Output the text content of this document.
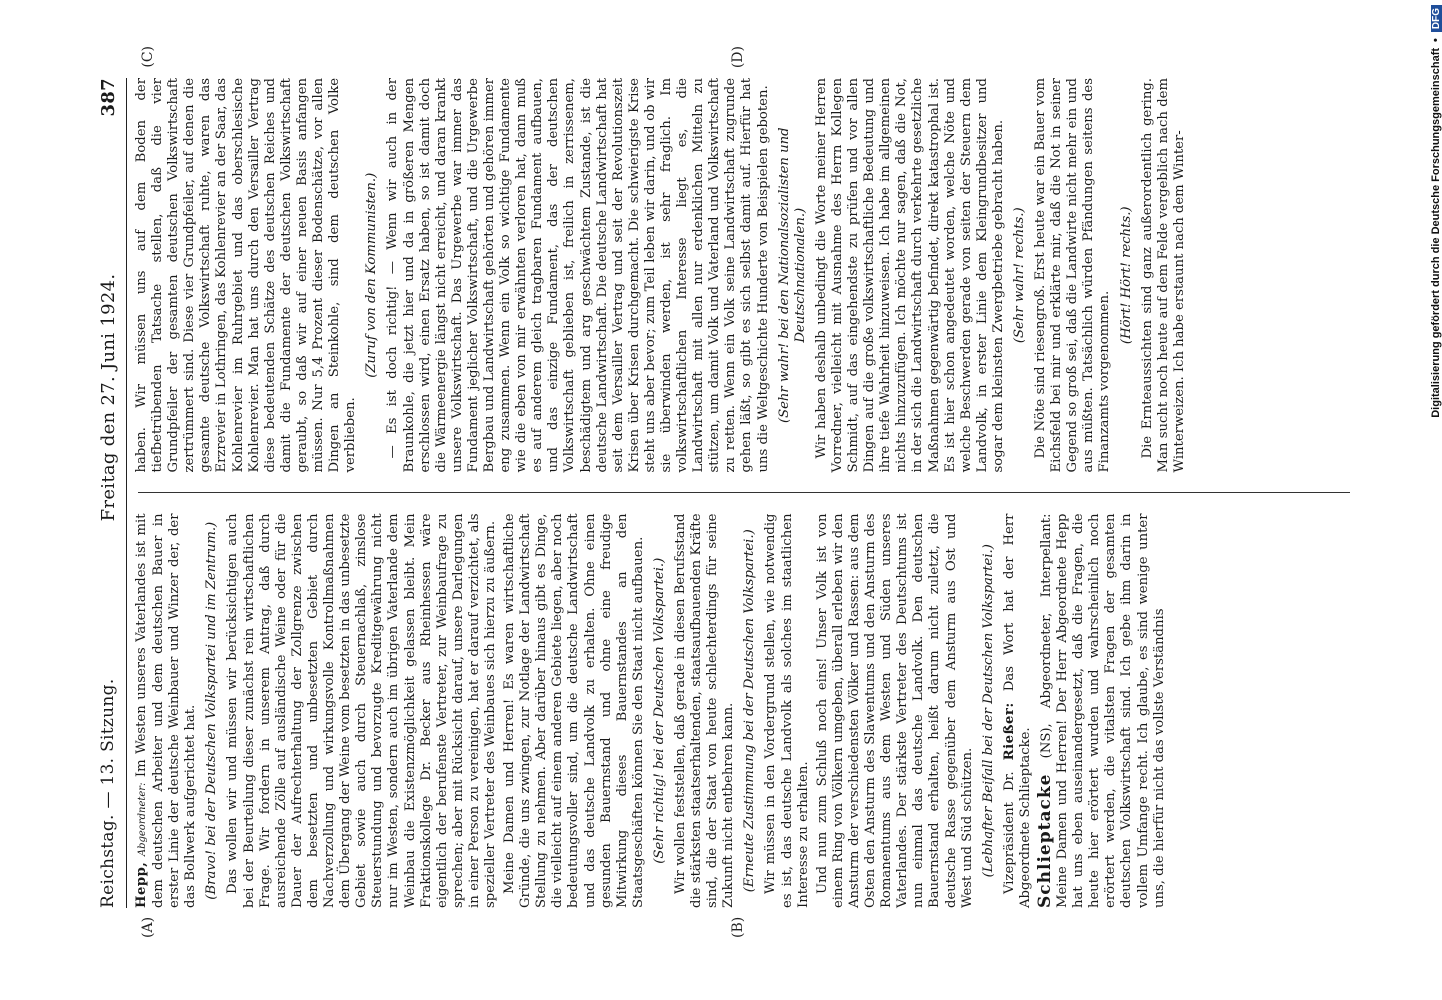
Reichstag. — 13. Sitzung.
Freitag den 27. Juni 1924.
387
(A)	(B)
(C)	(D)

Hepp, Abgeordneter: Im Westen unseres Vaterlandes ist mit dem deutschen Arbeiter und dem deutschen Bauer in erster Linie der deutsche Weinbauer und Winzer der, der das Bollwerk aufgerichtet hat. (Bravo! bei der Deutschen Volkspartei und im Zentrum.) Das wollen wir und müssen wir berücksichtigen auch bei der Beurteilung dieser zunächst rein wirtschaftlichen Frage. Wir fordern in unserem Antrag, daß durch ausreichende Zölle auf ausländische Weine oder für die Dauer der Aufrechterhaltung der Zollgrenze zwischen dem besetzten und unbesetzten Gebiet durch Nachverzollung und wirkungsvolle Kontrollmaßnahmen dem Übergang der Weine vom besetzten in das unbesetzte Gebiet sowie auch durch Steuernachlaß, zinslose Steuerstundung und bevorzugte Kreditgewährung nicht nur im Westen, sondern auch im übrigen Vaterlande dem Weinbau die Existenzmöglichkeit gelassen bleibt. Mein Fraktionskollege Dr. Becker aus Rheinhessen wäre eigentlich der berufenste Vertreter, zur Weinbaufrage zu sprechen; aber mit Rücksicht darauf, unsere Darlegungen in einer Person zu vereinigen, hat er darauf verzichtet, als spezieller Vertreter des Weinbaues sich hierzu zu äußern. Meine Damen und Herren! Es waren wirtschaftliche Gründe, die uns zwingen, zur Notlage der Landwirtschaft Stellung zu nehmen. Aber darüber hinaus gibt es Dinge, die vielleicht auf einem anderen Gebiete liegen, aber noch bedeutungsvoller sind, um die deutsche Landwirtschaft und das deutsche Landvolk zu erhalten. Ohne einen gesunden Bauernstand und ohne eine freudige Mitwirkung dieses Bauernstandes an den Staatsgeschäften können Sie den Staat nicht aufbauen. (Sehr richtig! bei der Deutschen Volkspartei.) Wir wollen feststellen, daß gerade in diesen Berufsstand die stärksten staatserhaltenden, staatsaufbauenden Kräfte sind, die der Staat von heute schlechterdings für seine Zukunft nicht entbehren kann. (Erneute Zustimmung bei der Deutschen Volkspartei.) Wir müssen in den Vordergrund stellen, wie notwendig es ist, das deutsche Landvolk als solches im staatlichen Interesse zu erhalten. Und nun zum Schluß noch eins! Unser Volk ist von einem Ring von Völkern umgeben, überall erleben wir den Ansturm der verschiedensten Völker und Rassen: aus dem Osten den Ansturm des Slawentums und den Ansturm des Romanentums aus dem Westen und Süden unseres Vaterlandes. Der stärkste Vertreter des Deutschtums ist nun einmal das deutsche Landvolk. Den deutschen Bauernstand erhalten, heißt darum nicht zuletzt, die deutsche Rasse gegenüber dem Ansturm aus Ost und West und Süd schützen. (Lebhafter Beifall bei der Deutschen Volkspartei.) Vizepräsident Dr. Rießer: Das Wort hat der Herr Abgeordnete Schlieptacke. Schlieptacke (NS), Abgeordneter, Interpellant: Meine Damen und Herren! Der Herr Abgeordnete Hepp hat uns eben auseinandergesetzt, daß die Fragen, die heute hier erörtert wurden und wahrscheinlich noch erörtert werden, die vitalsten Fragen der gesamten deutschen Volkswirtschaft sind. Ich gebe ihm darin in vollem Umfange recht. Ich glaube, es sind wenige unter uns, die hierfür nicht das vollste Verständnis

haben. Wir müssen uns auf dem Boden der tiefbetrübenden Tatsache stellen, daß die vier Grundpfeiler der gesamten deutschen Volkswirtschaft zertrümmert sind. Diese vier Grundpfeiler, auf denen die gesamte deutsche Volkswirtschaft ruhte, waren das Erzrevier in Lothringen, das Kohlenrevier an der Saar, das Kohlenrevier im Ruhrgebiet und das oberschlesische Kohlenrevier. Man hat uns durch den Versailler Vertrag diese bedeutenden Schätze des deutschen Reiches und damit die Fundamente der deutschen Volkswirtschaft geraubt, so daß wir auf einer neuen Basis anfangen müssen. Nur 5,4 Prozent dieser Bodenschätze, vor allen Dingen an Steinkohle, sind dem deutschen Volke verblieben.

(Zuruf von den Kommunisten.) — Es ist doch richtig! — Wenn wir auch in der Braunkohle, die jetzt hier und da in größeren Mengen erschlossen wird, einen Ersatz haben, so ist damit doch die Wärmeenergie längst nicht erreicht, und daran krankt unsere Volkswirtschaft. Das Urgewerbe war immer das Fundament jeglicher Volkswirtschaft, und die Urgewerbe Bergbau und Landwirtschaft gehörten und gehören immer eng zusammen. Wenn ein Volk so wichtige Fundamente wie die eben von mir erwähnten verloren hat, dann muß es auf anderem gleich tragbaren Fundament aufbauen, und das einzige Fundament, das der deutschen Volkswirtschaft geblieben ist, freilich in zerrissenem, beschädigtem und arg geschwächtem Zustande, ist die deutsche Landwirtschaft. Die deutsche Landwirtschaft hat seit dem Versailler Vertrag und seit der Revolutionszeit Krisen über Krisen durchgemacht. Die schwierigste Krise steht uns aber bevor; zum Teil leben wir darin, und ob wir sie überwinden werden, ist sehr fraglich. Im volkswirtschaftlichen Interesse liegt es, die Landwirtschaft mit allen nur erdenklichen Mitteln zu stützen, um damit Volk und Vaterland und Volkswirtschaft zu retten. Wenn ein Volk seine Landwirtschaft zugrunde gehen läßt, so gibt es sich selbst damit auf. Hierfür hat uns die Weltgeschichte Hunderte von Beispielen geboten. (Sehr wahr! bei den Nationalsozialisten und Deutschnationalen.) Wir haben deshalb unbedingt die Worte meiner Herren Vorredner, vielleicht mit Ausnahme des Herrn Kollegen Schmidt, auf das eingehendste zu prüfen und vor allen Dingen auf die große volkswirtschaftliche Bedeutung und ihre tiefe Wahrheit hinzuweisen. Ich habe im allgemeinen nichts hinzuzufügen. Ich möchte nur sagen, daß die Not, in der sich die Landwirtschaft durch verkehrte gesetzliche Maßnahmen gegenwärtig befindet, direkt katastrophal ist. Es ist hier schon angedeutet worden, welche Nöte und welche Beschwerden gerade von seiten der Steuern dem Landvolk, in erster Linie dem Kleingrundbesitzer und sogar dem kleinsten Zwergbetriebe gebracht haben. (Sehr wahr! rechts.) Die Nöte sind riesengroß. Erst heute war ein Bauer vom Eichsfeld bei mir und erklärte mir, daß die Not in seiner Gegend so groß sei, daß die Landwirte nicht mehr ein und aus müßten. Tatsächlich würden Pfändungen seitens des Finanzamts vorgenommen.

(Hört! Hört! rechts.) Die Ernteaussichten sind ganz außerordentlich gering. Man sucht noch heute auf dem Felde vergeblich nach dem Winterweizen. Ich habe erstaunt nach dem Winter-	Digitalisierung gefördert durch die Deutsche Forschungsgemeinschaft
•
DFG
